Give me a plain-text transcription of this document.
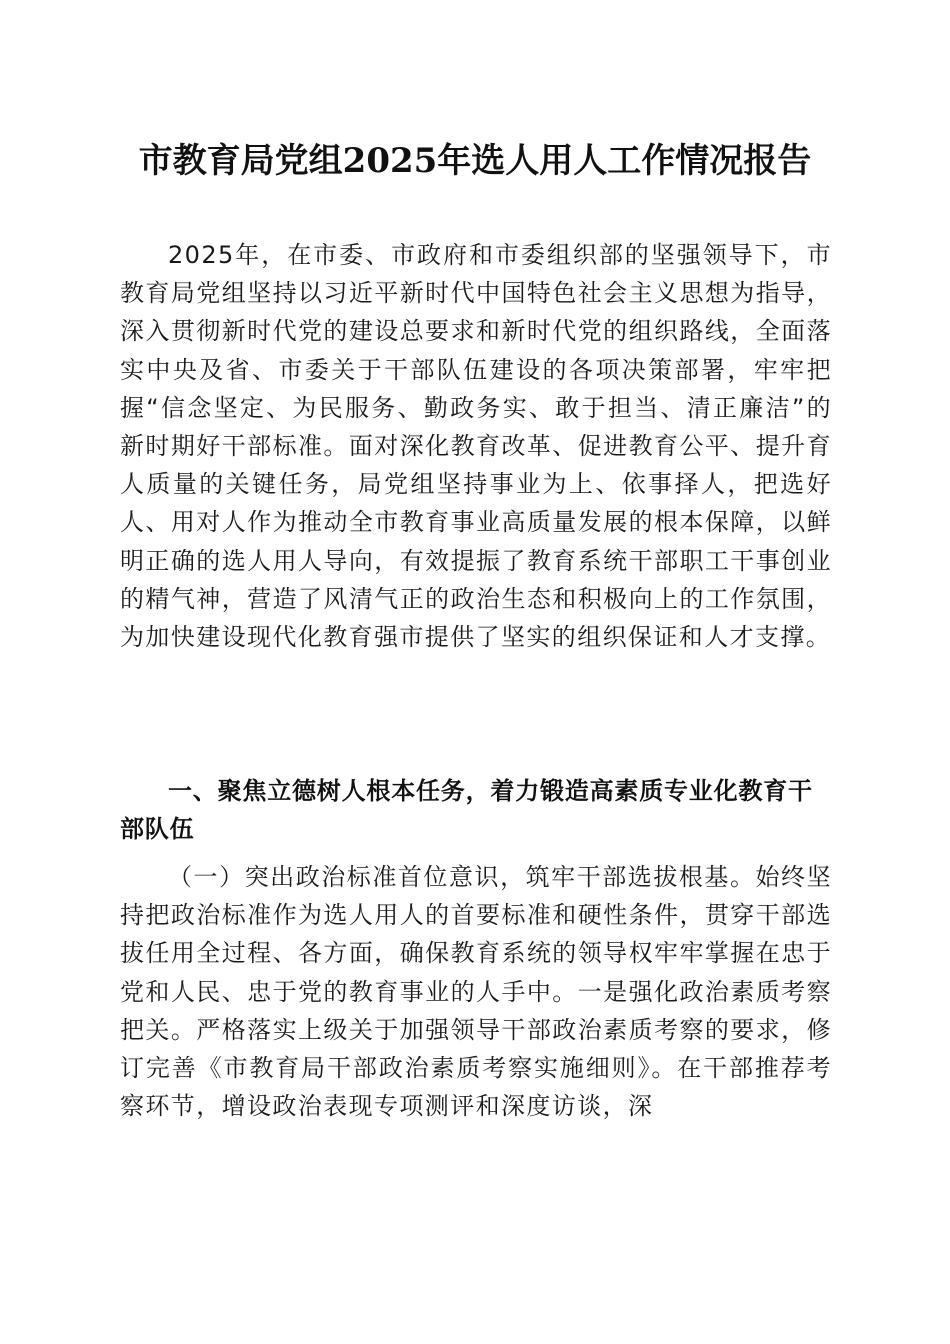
市教育局党组2025年选人用人工作情况报告

2025年，在市委、市政府和市委组织部的坚强领导下，市教育局党组坚持以习近平新时代中国特色社会主义思想为指导，深入贯彻新时代党的建设总要求和新时代党的组织路线，全面落实中央及省、市委关于干部队伍建设的各项决策部署，牢牢把握“信念坚定、为民服务、勤政务实、敢于担当、清正廉洁”的新时期好干部标准。面对深化教育改革、促进教育公平、提升育人质量的关键任务，局党组坚持事业为上、依事择人，把选好人、用对人作为推动全市教育事业高质量发展的根本保障，以鲜明正确的选人用人导向，有效提振了教育系统干部职工干事创业的精气神，营造了风清气正的政治生态和积极向上的工作氛围，为加快建设现代化教育强市提供了坚实的组织保证和人才支撑。

一、聚焦立德树人根本任务，着力锻造高素质专业化教育干部队伍

（一）突出政治标准首位意识，筑牢干部选拔根基。始终坚持把政治标准作为选人用人的首要标准和硬性条件，贯穿干部选拔任用全过程、各方面，确保教育系统的领导权牢牢掌握在忠于党和人民、忠于党的教育事业的人手中。一是强化政治素质考察把关。严格落实上级关于加强领导干部政治素质考察的要求，修订完善《市教育局干部政治素质考察实施细则》。在干部推荐考察环节，增设政治表现专项测评和深度访谈，深
